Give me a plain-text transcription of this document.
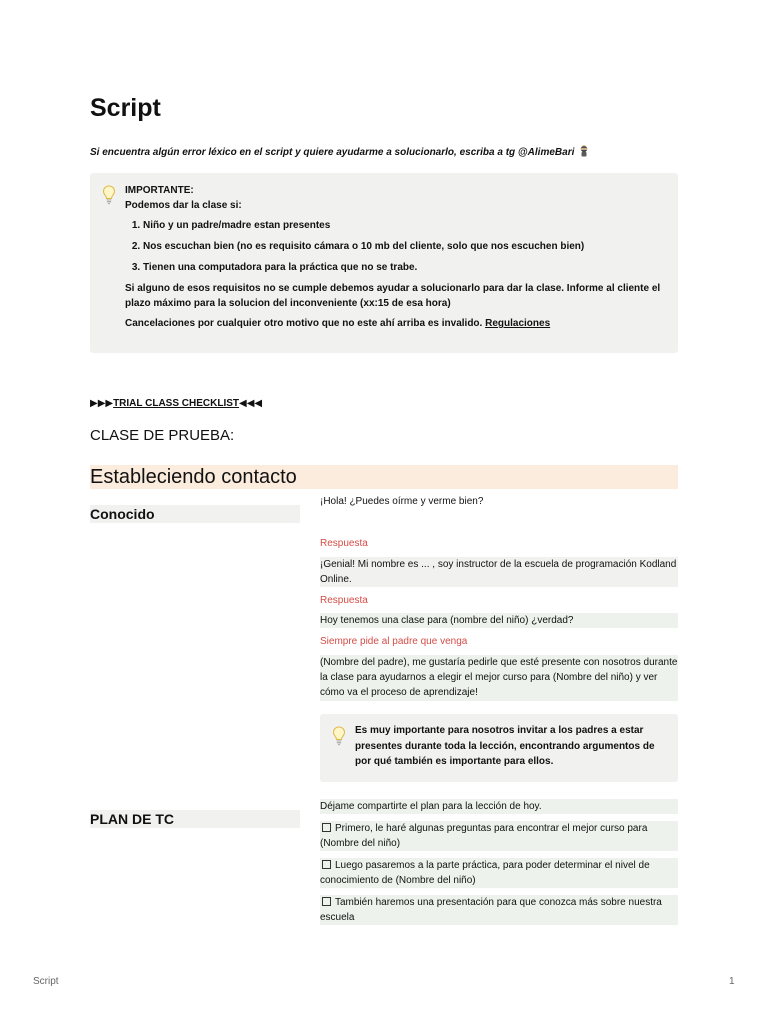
Script
Si encuentra algún error léxico en el script y quiere ayudarme a solucionarlo, escriba a tg @AlimeBari
IMPORTANTE:
Podemos dar la clase si:
1. Niño y un padre/madre estan presentes
2. Nos escuchan bien (no es requisito cámara o 10 mb del cliente, solo que nos escuchen bien)
3. Tienen una computadora para la práctica que no se trabe.

Si alguno de esos requisitos no se cumple debemos ayudar a solucionarlo para dar la clase. Informe al cliente el plazo máximo para la solucion del inconveniente (xx:15 de esa hora)

Cancelaciones por cualquier otro motivo que no este ahí arriba es invalido. Regulaciones

▶▶▶TRIAL CLASS CHECKLIST◀◀◀
CLASE DE PRUEBA:
Estableciendo contacto
Conocido
¡Hola! ¿Puedes oírme y verme bien?
Respuesta
¡Genial! Mi nombre es ... , soy instructor de la escuela de programación Kodland Online.
Respuesta
Hoy tenemos una clase para (nombre del niño) ¿verdad?
Siempre pide al padre que venga
(Nombre del padre), me gustaría pedirle que esté presente con nosotros durante la clase para ayudarnos a elegir el mejor curso para (Nombre del niño) y ver cómo va el proceso de aprendizaje!
Es muy importante para nosotros invitar a los padres a estar presentes durante toda la lección, encontrando argumentos de por qué también es importante para ellos.
PLAN DE TC
Déjame compartirte el plan para la lección de hoy.
Primero, le haré algunas preguntas para encontrar el mejor curso para (Nombre del niño)
Luego pasaremos a la parte práctica, para poder determinar el nivel de conocimiento de (Nombre del niño)
También haremos una presentación para que conozca más sobre nuestra escuela
Script	1
